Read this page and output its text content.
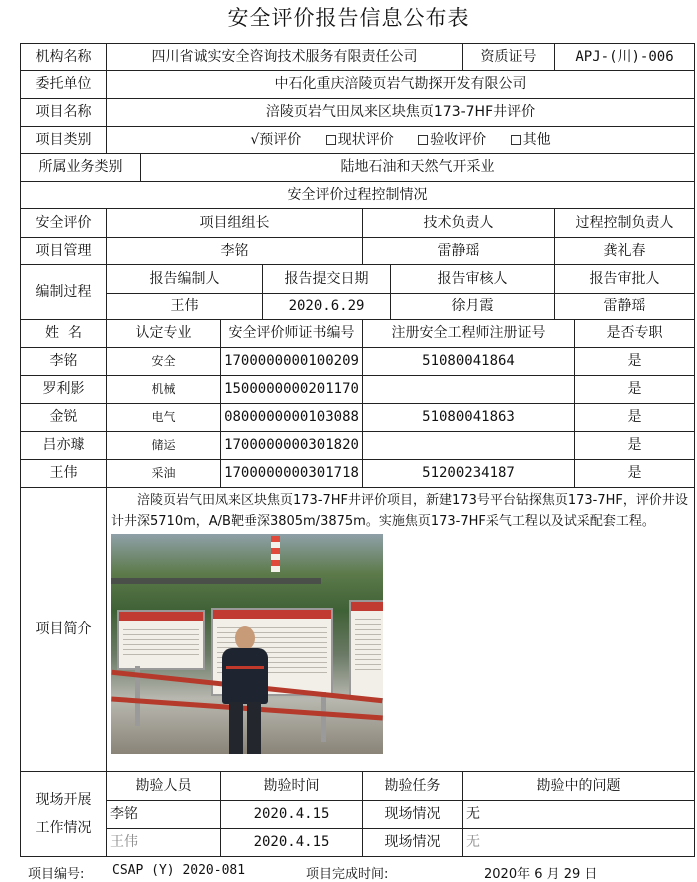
安全评价报告信息公布表
机构名称	四川省诚实安全咨询技术服务有限责任公司						资质证号	APJ-(川)-006	
委托单位	中石化重庆涪陵页岩气勘探开发有限公司								
项目名称	涪陵页岩气田凤来区块焦页173-7HF井评价								
项目类别	√预评价 现状评价 验收评价 其他								
所属业务类别		陆地石油和天然气开采业							
安全评价过程控制情况									
安全评价	项目组组长				技术负责人			过程控制负责人	
项目管理	李铭				雷静瑶			龚礼春	
编制过程	报告编制人			报告提交日期		报告审核人		报告审批人	
	王伟			2020.6.29		徐月霞		雷静瑶	
姓  名	认定专业		安全评价师证书编号		注册安全工程师注册证号				是否专职
李铭	安全		1700000000100209		51080041864				是
罗利影	机械		1500000000201170						是
金锐	电气		0800000000103088		51080041863				是
吕亦璩	储运		1700000000301820						是
王伟	采油		1700000000301718		51200234187				是
项目简介	涪陵页岩气田凤来区块焦页173-7HF井评价项目，新建173号平台钻探焦页173-7HF，评价井设计井深5710m，A/B靶垂深3805m/3875m。实施焦页173-7HF采气工程以及试采配套工程。								

现场开展
工作情况	勘验人员		勘验时间		勘验任务		勘验中的问题		
	李铭		2020.4.15		现场情况		无		
	王伟		2020.4.15		现场情况		无		
项目编号: CSAP (Y) 2020-081	项目完成时间:	2020年 6 月 29 日
